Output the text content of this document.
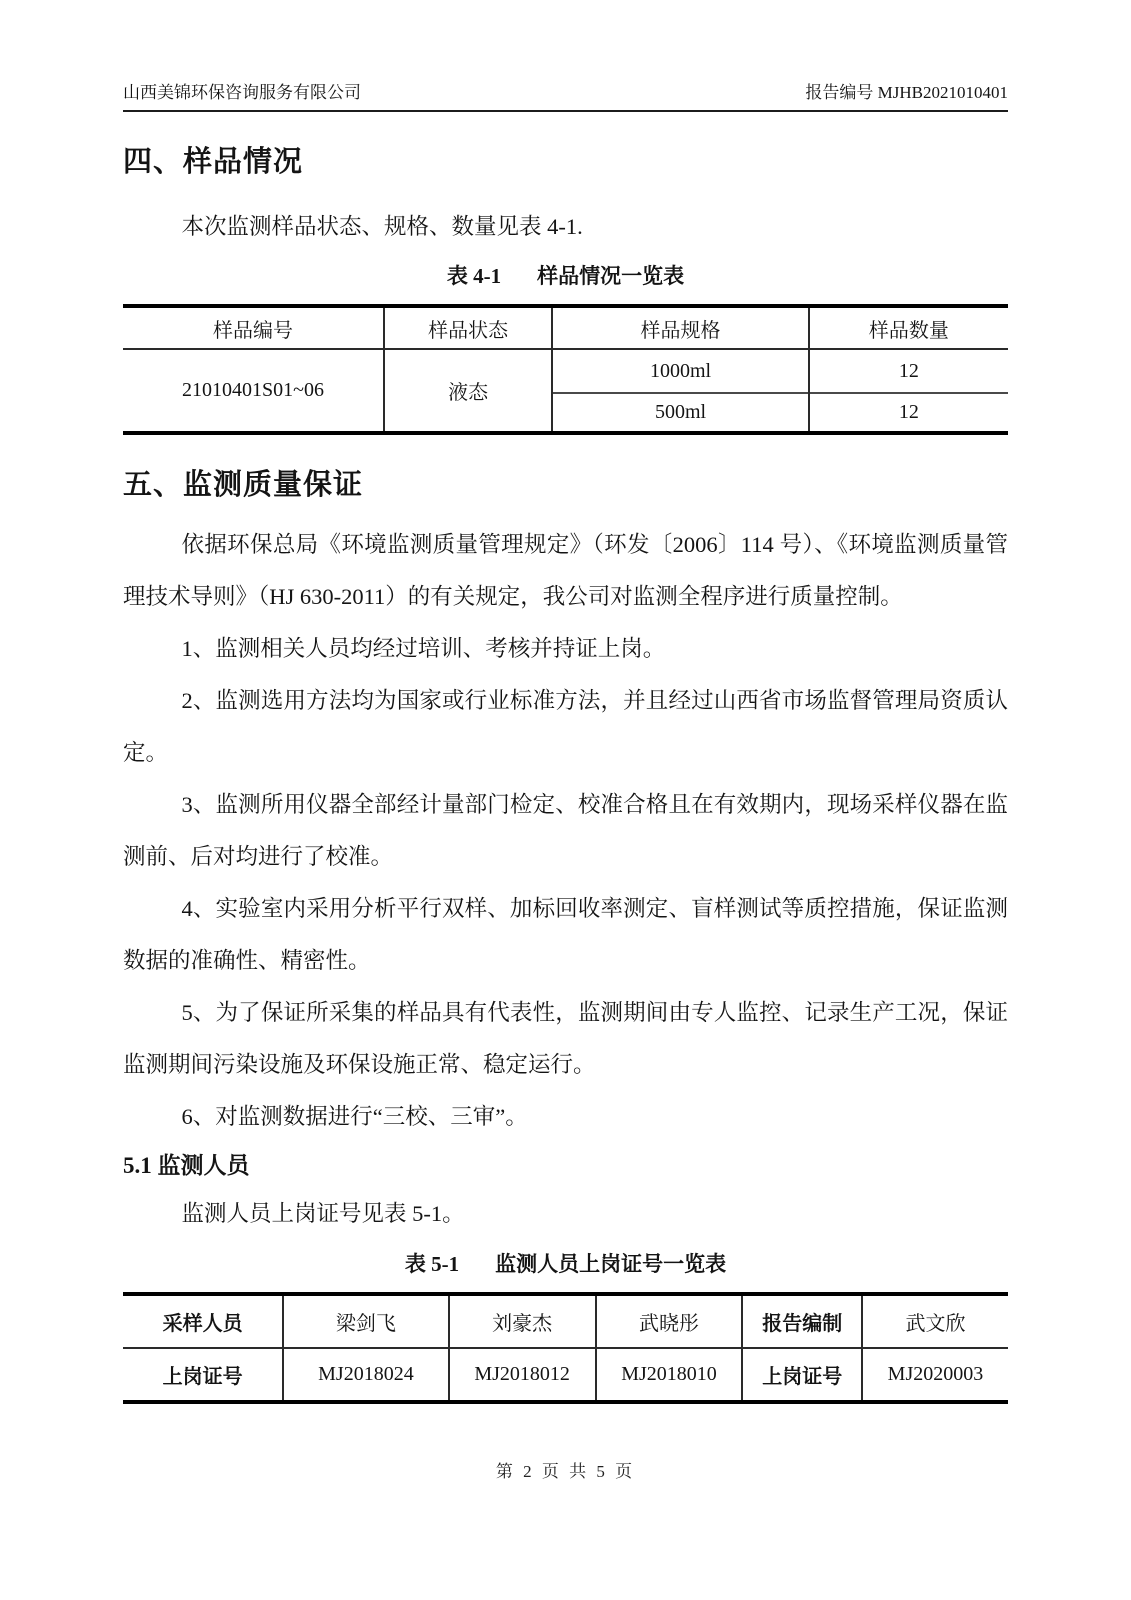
山西美锦环保咨询服务有限公司	报告编号 MJHB2021010401
四、样品情况

本次监测样品状态、规格、数量见表 4-1.

表 4-1 样品情况一览表
样品编号	样品状态	样品规格	样品数量
21010401S01~06	液态	1000ml	12
		500ml	12
五、监测质量保证

依据环保总局《环境监测质量管理规定》（环发〔2006〕114 号）、《环境监测质量管理技术导则》（HJ 630-2011）的有关规定，我公司对监测全程序进行质量控制。

1、监测相关人员均经过培训、考核并持证上岗。

2、监测选用方法均为国家或行业标准方法，并且经过山西省市场监督管理局资质认定。

3、监测所用仪器全部经计量部门检定、校准合格且在有效期内，现场采样仪器在监测前、后对均进行了校准。

4、实验室内采用分析平行双样、加标回收率测定、盲样测试等质控措施，保证监测数据的准确性、精密性。

5、为了保证所采集的样品具有代表性，监测期间由专人监控、记录生产工况，保证监测期间污染设施及环保设施正常、稳定运行。

6、对监测数据进行“三校、三审”。

5.1 监测人员

监测人员上岗证号见表 5-1。

表 5-1 监测人员上岗证号一览表
采样人员	梁剑飞	刘豪杰	武晓彤	报告编制	武文欣
上岗证号	MJ2018024	MJ2018012	MJ2018010	上岗证号	MJ2020003
第 2 页 共 5 页
